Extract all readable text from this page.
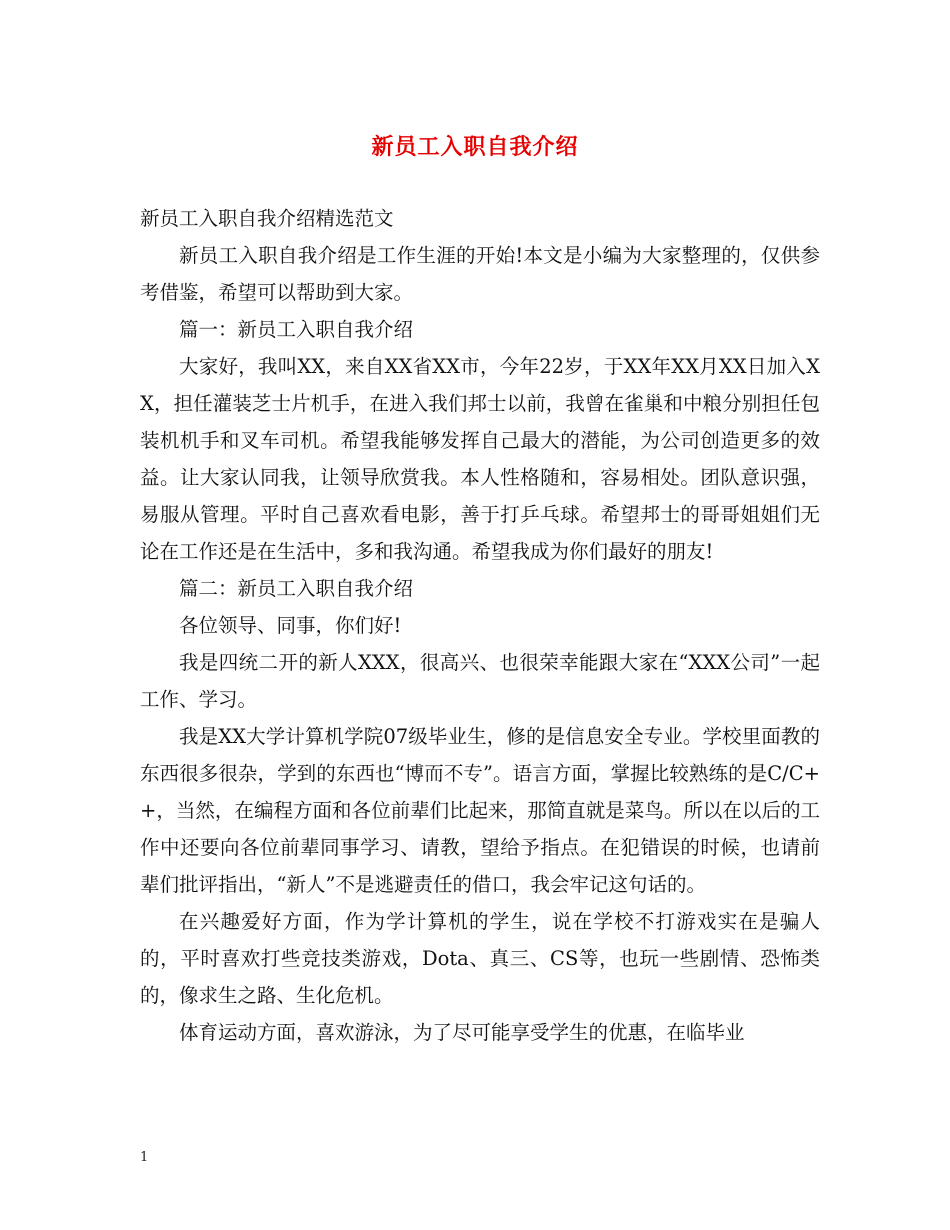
新员工入职自我介绍

新员工入职自我介绍精选范文

新员工入职自我介绍是工作生涯的开始!本文是小编为大家整理的，仅供参考借鉴，希望可以帮助到大家。

篇一：新员工入职自我介绍

大家好，我叫XX，来自XX省XX市，今年22岁，于XX年XX月XX日加入XX，担任灌装芝士片机手，在进入我们邦士以前，我曾在雀巢和中粮分别担任包装机机手和叉车司机。希望我能够发挥自己最大的潜能，为公司创造更多的效益。让大家认同我，让领导欣赏我。本人性格随和，容易相处。团队意识强，易服从管理。平时自己喜欢看电影，善于打乒乓球。希望邦士的哥哥姐姐们无论在工作还是在生活中，多和我沟通。希望我成为你们最好的朋友!

篇二：新员工入职自我介绍

各位领导、同事，你们好!

我是四统二开的新人XXX，很高兴、也很荣幸能跟大家在“XXX公司”一起工作、学习。

我是XX大学计算机学院07级毕业生，修的是信息安全专业。学校里面教的东西很多很杂，学到的东西也“博而不专”。语言方面，掌握比较熟练的是C/C++，当然，在编程方面和各位前辈们比起来，那简直就是菜鸟。所以在以后的工作中还要向各位前辈同事学习、请教，望给予指点。在犯错误的时候，也请前辈们批评指出，“新人”不是逃避责任的借口，我会牢记这句话的。

在兴趣爱好方面，作为学计算机的学生，说在学校不打游戏实在是骗人的，平时喜欢打些竞技类游戏，Dota、真三、CS等，也玩一些剧情、恐怖类的，像求生之路、生化危机。

体育运动方面，喜欢游泳，为了尽可能享受学生的优惠，在临毕业

1
